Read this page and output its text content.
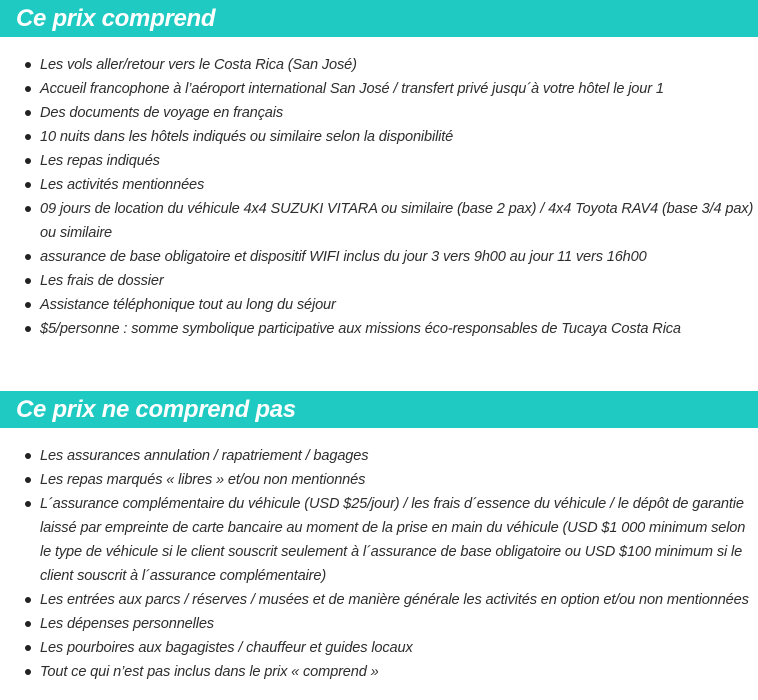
Ce prix comprend
Les vols aller/retour vers le Costa Rica (San José)
Accueil francophone à l’aéroport international San José / transfert privé jusqu´à votre hôtel le jour 1
Des documents de voyage en français
10 nuits dans les hôtels indiqués ou similaire selon la disponibilité
Les repas indiqués
Les activités mentionnées
09 jours de location du véhicule 4x4 SUZUKI VITARA ou similaire (base 2 pax) / 4x4 Toyota RAV4 (base 3/4 pax) ou similaire
assurance de base obligatoire et dispositif WIFI inclus du jour 3 vers 9h00 au jour 11 vers 16h00
Les frais de dossier
Assistance téléphonique tout au long du séjour
$5/personne : somme symbolique participative aux missions éco-responsables de Tucaya Costa Rica
Ce prix ne comprend pas
Les assurances annulation / rapatriement / bagages
Les repas marqués « libres » et/ou non mentionnés
L´assurance complémentaire du véhicule (USD $25/jour) / les frais d´essence du véhicule / le dépôt de garantie laissé par empreinte de carte bancaire au moment de la prise en main du véhicule (USD $1 000 minimum selon le type de véhicule si le client souscrit seulement à l´assurance de base obligatoire ou USD $100 minimum si le client souscrit à l´assurance complémentaire)
Les entrées aux parcs / réserves / musées et de manière générale les activités en option et/ou non mentionnées
Les dépenses personnelles
Les pourboires aux bagagistes / chauffeur et guides locaux
Tout ce qui n’est pas inclus dans le prix « comprend »
